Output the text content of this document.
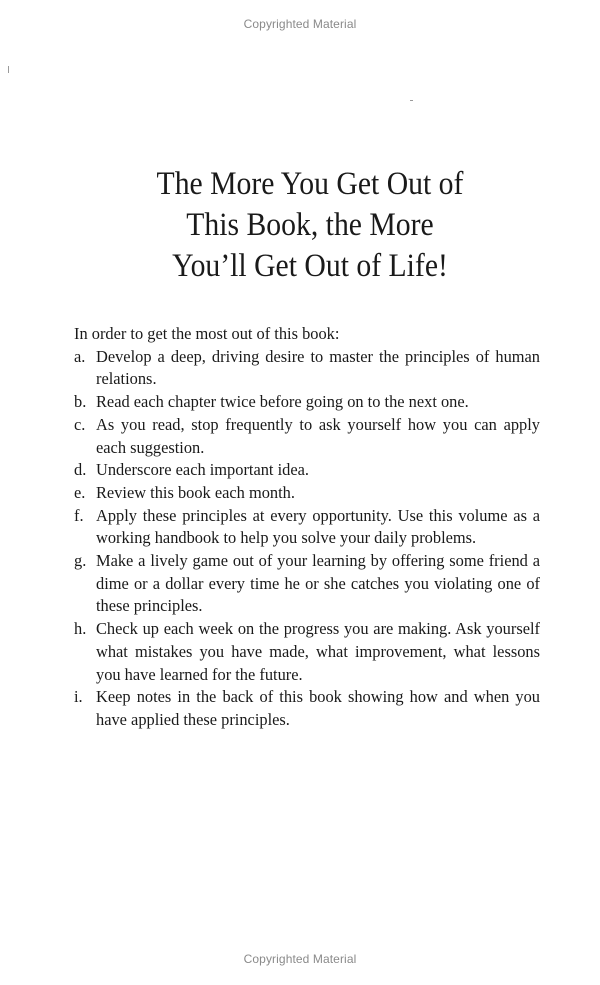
Copyrighted Material
The More You Get Out of
This Book, the More
You’ll Get Out of Life!

In order to get the most out of this book:

a. Develop a deep, driving desire to master the principles of human relations.
b. Read each chapter twice before going on to the next one.
c. As you read, stop frequently to ask yourself how you can apply each suggestion.
d. Underscore each important idea.
e. Review this book each month.
f. Apply these principles at every opportunity. Use this volume as a working handbook to help you solve your daily problems.
g. Make a lively game out of your learning by offering some friend a dime or a dollar every time he or she catches you violating one of these principles.
h. Check up each week on the progress you are making. Ask yourself what mistakes you have made, what improvement, what lessons you have learned for the future.
i. Keep notes in the back of this book showing how and when you have applied these principles.
Copyrighted Material
